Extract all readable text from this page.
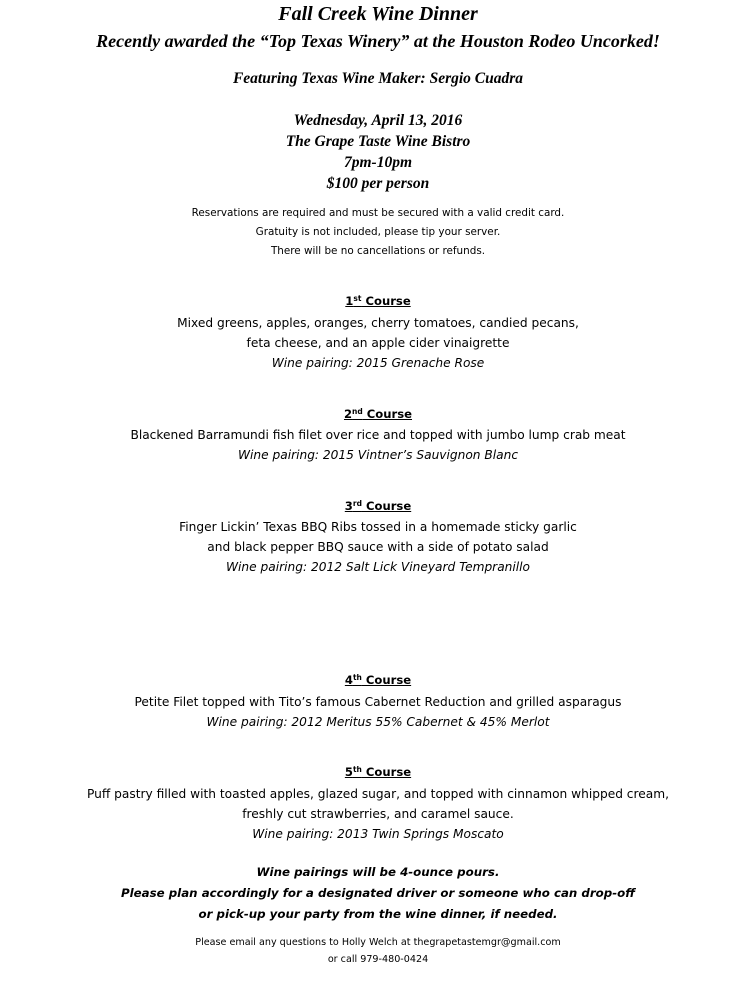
Fall Creek Wine Dinner
Recently awarded the “Top Texas Winery” at the Houston Rodeo Uncorked!
Featuring Texas Wine Maker: Sergio Cuadra
Wednesday, April 13, 2016
The Grape Taste Wine Bistro
7pm-10pm
$100 per person
Reservations are required and must be secured with a valid credit card.
Gratuity is not included, please tip your server.
There will be no cancellations or refunds.
1st Course
Mixed greens, apples, oranges, cherry tomatoes, candied pecans,
feta cheese, and an apple cider vinaigrette
Wine pairing: 2015 Grenache Rose
2nd Course
Blackened Barramundi fish filet over rice and topped with jumbo lump crab meat
Wine pairing: 2015 Vintner’s Sauvignon Blanc
3rd Course
Finger Lickin’ Texas BBQ Ribs tossed in a homemade sticky garlic
and black pepper BBQ sauce with a side of potato salad
Wine pairing: 2012 Salt Lick Vineyard Tempranillo
4th Course
Petite Filet topped with Tito’s famous Cabernet Reduction and grilled asparagus
Wine pairing: 2012 Meritus 55% Cabernet & 45% Merlot
5th Course
Puff pastry filled with toasted apples, glazed sugar, and topped with cinnamon whipped cream,
freshly cut strawberries, and caramel sauce.
Wine pairing: 2013 Twin Springs Moscato
Wine pairings will be 4-ounce pours.
Please plan accordingly for a designated driver or someone who can drop-off
or pick-up your party from the wine dinner, if needed.
Please email any questions to Holly Welch at thegrapetastemgr@gmail.com
or call 979-480-0424
